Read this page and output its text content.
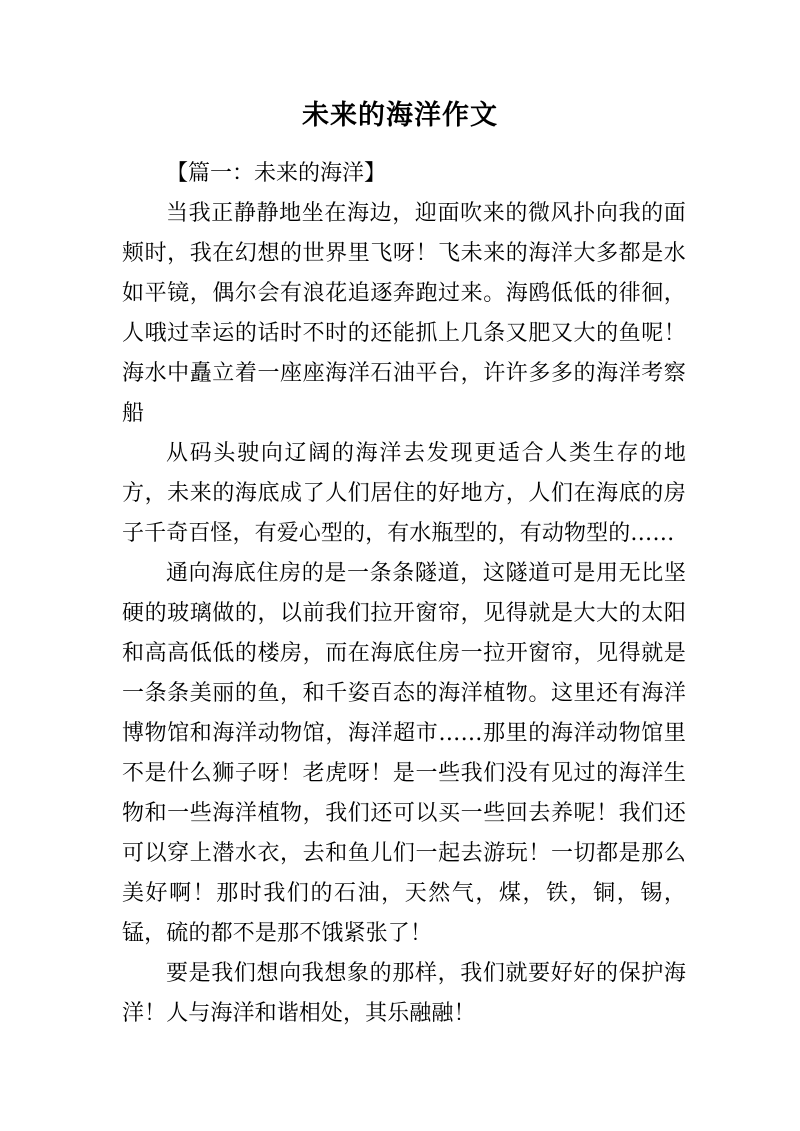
未来的海洋作文

【篇一：未来的海洋】

当我正静静地坐在海边，迎面吹来的微风扑向我的面颊时，我在幻想的世界里飞呀！飞未来的海洋大多都是水如平镜，偶尔会有浪花追逐奔跑过来。海鸥低低的徘徊，人哦过幸运的话时不时的还能抓上几条又肥又大的鱼呢！海水中矗立着一座座海洋石油平台，许许多多的海洋考察船

从码头驶向辽阔的海洋去发现更适合人类生存的地方，未来的海底成了人们居住的好地方，人们在海底的房子千奇百怪，有爱心型的，有水瓶型的，有动物型的……

通向海底住房的是一条条隧道，这隧道可是用无比坚硬的玻璃做的，以前我们拉开窗帘，见得就是大大的太阳和高高低低的楼房，而在海底住房一拉开窗帘，见得就是一条条美丽的鱼，和千姿百态的海洋植物。这里还有海洋博物馆和海洋动物馆，海洋超市……那里的海洋动物馆里不是什么狮子呀！老虎呀！是一些我们没有见过的海洋生物和一些海洋植物，我们还可以买一些回去养呢！我们还可以穿上潜水衣，去和鱼儿们一起去游玩！一切都是那么美好啊！那时我们的石油，天然气，煤，铁，铜，锡，锰，硫的都不是那不饿紧张了！

要是我们想向我想象的那样，我们就要好好的保护海洋！人与海洋和谐相处，其乐融融！
